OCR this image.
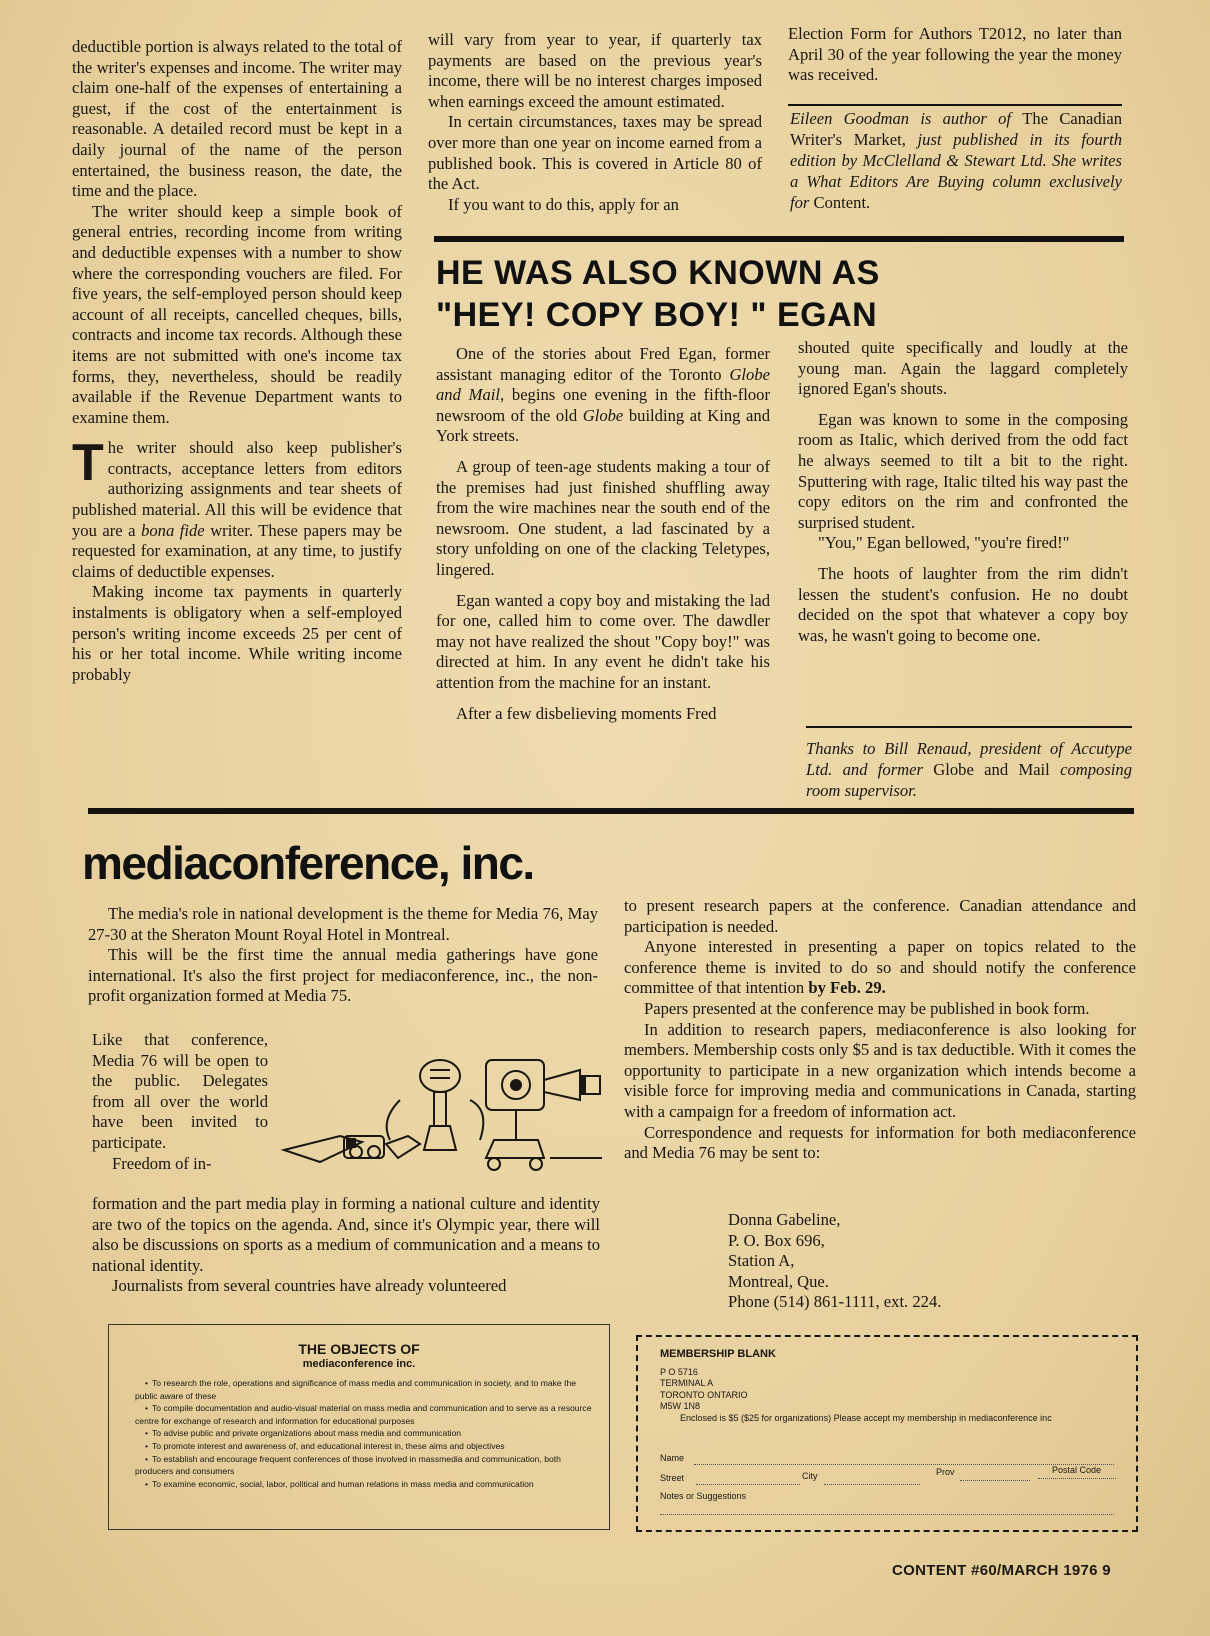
deductible portion is always related to the total of the writer's expenses and income. The writer may claim one-half of the expenses of entertaining a guest, if the cost of the entertainment is reasonable. A detailed record must be kept in a daily journal of the name of the person entertained, the business reason, the date, the time and the place.

The writer should keep a simple book of general entries, recording income from writing and deductible expenses with a number to show where the corresponding vouchers are filed. For five years, the self-employed person should keep account of all receipts, cancelled cheques, bills, contracts and income tax records. Although these items are not submitted with one's income tax forms, they, nevertheless, should be readily available if the Revenue Department wants to examine them.

The writer should also keep publisher's contracts, acceptance letters from editors authorizing assignments and tear sheets of published material. All this will be evidence that you are a bona fide writer. These papers may be requested for examination, at any time, to justify claims of deductible expenses.

Making income tax payments in quarterly instalments is obligatory when a self-employed person's writing income exceeds 25 per cent of his or her total income. While writing income probably

will vary from year to year, if quarterly tax payments are based on the previous year's income, there will be no interest charges imposed when earnings exceed the amount estimated.

In certain circumstances, taxes may be spread over more than one year on income earned from a published book. This is covered in Article 80 of the Act.

If you want to do this, apply for an

Election Form for Authors T2012, no later than April 30 of the year following the year the money was received.

Eileen Goodman is author of The Canadian Writer's Market, just published in its fourth edition by McClelland & Stewart Ltd. She writes a What Editors Are Buying column exclusively for Content.
HE WAS ALSO KNOWN AS
"HEY! COPY BOY! " EGAN

One of the stories about Fred Egan, former assistant managing editor of the Toronto Globe and Mail, begins one evening in the fifth-floor newsroom of the old Globe building at King and York streets.

A group of teen-age students making a tour of the premises had just finished shuffling away from the wire machines near the south end of the newsroom. One student, a lad fascinated by a story unfolding on one of the clacking Teletypes, lingered.

Egan wanted a copy boy and mistaking the lad for one, called him to come over. The dawdler may not have realized the shout "Copy boy!" was directed at him. In any event he didn't take his attention from the machine for an instant.

After a few disbelieving moments Fred

shouted quite specifically and loudly at the young man. Again the laggard completely ignored Egan's shouts.

Egan was known to some in the composing room as Italic, which derived from the odd fact he always seemed to tilt a bit to the right. Sputtering with rage, Italic tilted his way past the copy editors on the rim and confronted the surprised student.

"You," Egan bellowed, "you're fired!"

The hoots of laughter from the rim didn't lessen the student's confusion. He no doubt decided on the spot that whatever a copy boy was, he wasn't going to become one.

Thanks to Bill Renaud, president of Accutype Ltd. and former Globe and Mail composing room supervisor.
mediaconference, inc.

The media's role in national development is the theme for Media 76, May 27-30 at the Sheraton Mount Royal Hotel in Montreal.

This will be the first time the annual media gatherings have gone international. It's also the first project for mediaconference, inc., the non-profit organization formed at Media 75.

Like that conference, Media 76 will be open to the public. Delegates from all over the world have been invited to participate.

Freedom of in-

formation and the part media play in forming a national culture and identity are two of the topics on the agenda. And, since it's Olympic year, there will also be discussions on sports as a medium of communication and a means to national identity.

Journalists from several countries have already volunteered

to present research papers at the conference. Canadian attendance and participation is needed.

Anyone interested in presenting a paper on topics related to the conference theme is invited to do so and should notify the conference committee of that intention by Feb. 29.

Papers presented at the conference may be published in book form.

In addition to research papers, mediaconference is also looking for members. Membership costs only $5 and is tax deductible. With it comes the opportunity to participate in a new organization which intends become a visible force for improving media and communications in Canada, starting with a campaign for a freedom of information act.

Correspondence and requests for information for both mediaconference and Media 76 may be sent to:

Donna Gabeline,
P. O. Box 696,
Station A,
Montreal, Que.
Phone (514) 861-1111, ext. 224.
THE OBJECTS OF
mediaconference inc.
• To research the role, operations and significance of mass media and communication in society, and to make the public aware of these
• To compile documentation and audio-visual material on mass media and communication and to serve as a resource centre for exchange of research and information for educational purposes
• To advise public and private organizations about mass media and communication
• To promote interest and awareness of, and educational interest in, these aims and objectives
• To establish and encourage frequent conferences of those involved in massmedia and communication, both producers and consumers
• To examine economic, social, labor, political and human relations in mass media and communication
MEMBERSHIP BLANK
P O 5716
TERMINAL A
TORONTO ONTARIO
M5W 1N8
Enclosed is $5 ($25 for organizations) Please accept my membership in mediaconference inc
Name
Street	City	Prov	Postal Code
Notes or Suggestions
CONTENT #60/MARCH 1976 9
